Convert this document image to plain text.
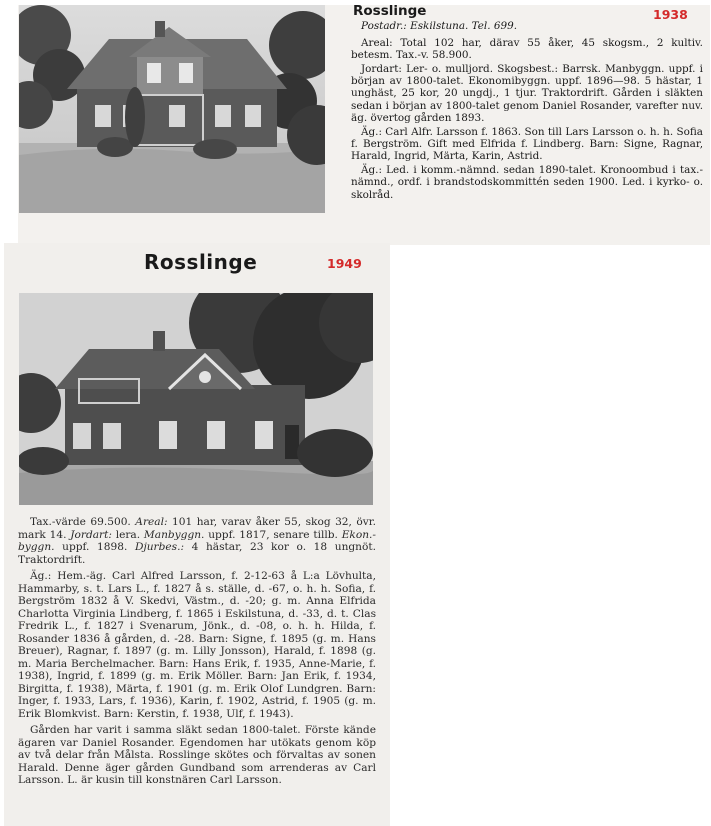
Rosslinge
Postadr.: Eskilstuna. Tel. 699.

Areal: Total 102 har, därav 55 åker, 45 skogsm., 2 kultiv. betesm. Tax.-v. 58.900.

Jordart: Ler- o. mulljord. Skogsbest.: Barrsk. Manbyggn. uppf. i början av 1800-talet. Ekonomibyggn. uppf. 1896—98. 5 hästar, 1 unghäst, 25 kor, 20 ungdj., 1 tjur. Traktordrift. Gården i släkten sedan i början av 1800-talet genom Daniel Rosander, varefter nuv. äg. övertog gården 1893.

Äg.: Carl Alfr. Larsson f. 1863. Son till Lars Larsson o. h. h. Sofia f. Bergström. Gift med Elfrida f. Lindberg. Barn: Signe, Ragnar, Harald, Ingrid, Märta, Karin, Astrid.

Äg.: Led. i komm.-nämnd. sedan 1890-talet. Kronoombud i tax.-nämnd., ordf. i brandstodskommittén seden 1900. Led. i kyrko- o. skolråd.

1938
Rosslinge

Tax.-värde 69.500. Areal: 101 har, varav åker 55, skog 32, övr. mark 14. Jordart: lera. Manbyggn. uppf. 1817, senare tillb. Ekon.-byggn. uppf. 1898. Djurbes.: 4 hästar, 23 kor o. 18 ungnöt. Traktordrift.

Äg.: Hem.-äg. Carl Alfred Larsson, f. 2-12-63 å L:a Lövhulta, Hammarby, s. t. Lars L., f. 1827 å s. ställe, d. -67, o. h. h. Sofia, f. Bergström 1832 å V. Skedvi, Västm., d. -20; g. m. Anna Elfrida Charlotta Virginia Lindberg, f. 1865 i Eskilstuna, d. -33, d. t. Clas Fredrik L., f. 1827 i Svenarum, Jönk., d. -08, o. h. h. Hilda, f. Rosander 1836 å gården, d. -28. Barn: Signe, f. 1895 (g. m. Hans Breuer), Ragnar, f. 1897 (g. m. Lilly Jonsson), Harald, f. 1898 (g. m. Maria Berchelmacher. Barn: Hans Erik, f. 1935, Anne-Marie, f. 1938), Ingrid, f. 1899 (g. m. Erik Möller. Barn: Jan Erik, f. 1934, Birgitta, f. 1938), Märta, f. 1901 (g. m. Erik Olof Lundgren. Barn: Inger, f. 1933, Lars, f. 1936), Karin, f. 1902, Astrid, f. 1905 (g. m. Erik Blomkvist. Barn: Kerstin, f. 1938, Ulf, f. 1943).

Gården har varit i samma släkt sedan 1800-talet. Förste kände ägaren var Daniel Rosander. Egendomen har utökats genom köp av två delar från Målsta. Rosslinge skötes och förvaltas av sonen Harald. Denne äger gården Gundband som arrenderas av Carl Larsson. L. är kusin till konstnären Carl Larsson.

1949
